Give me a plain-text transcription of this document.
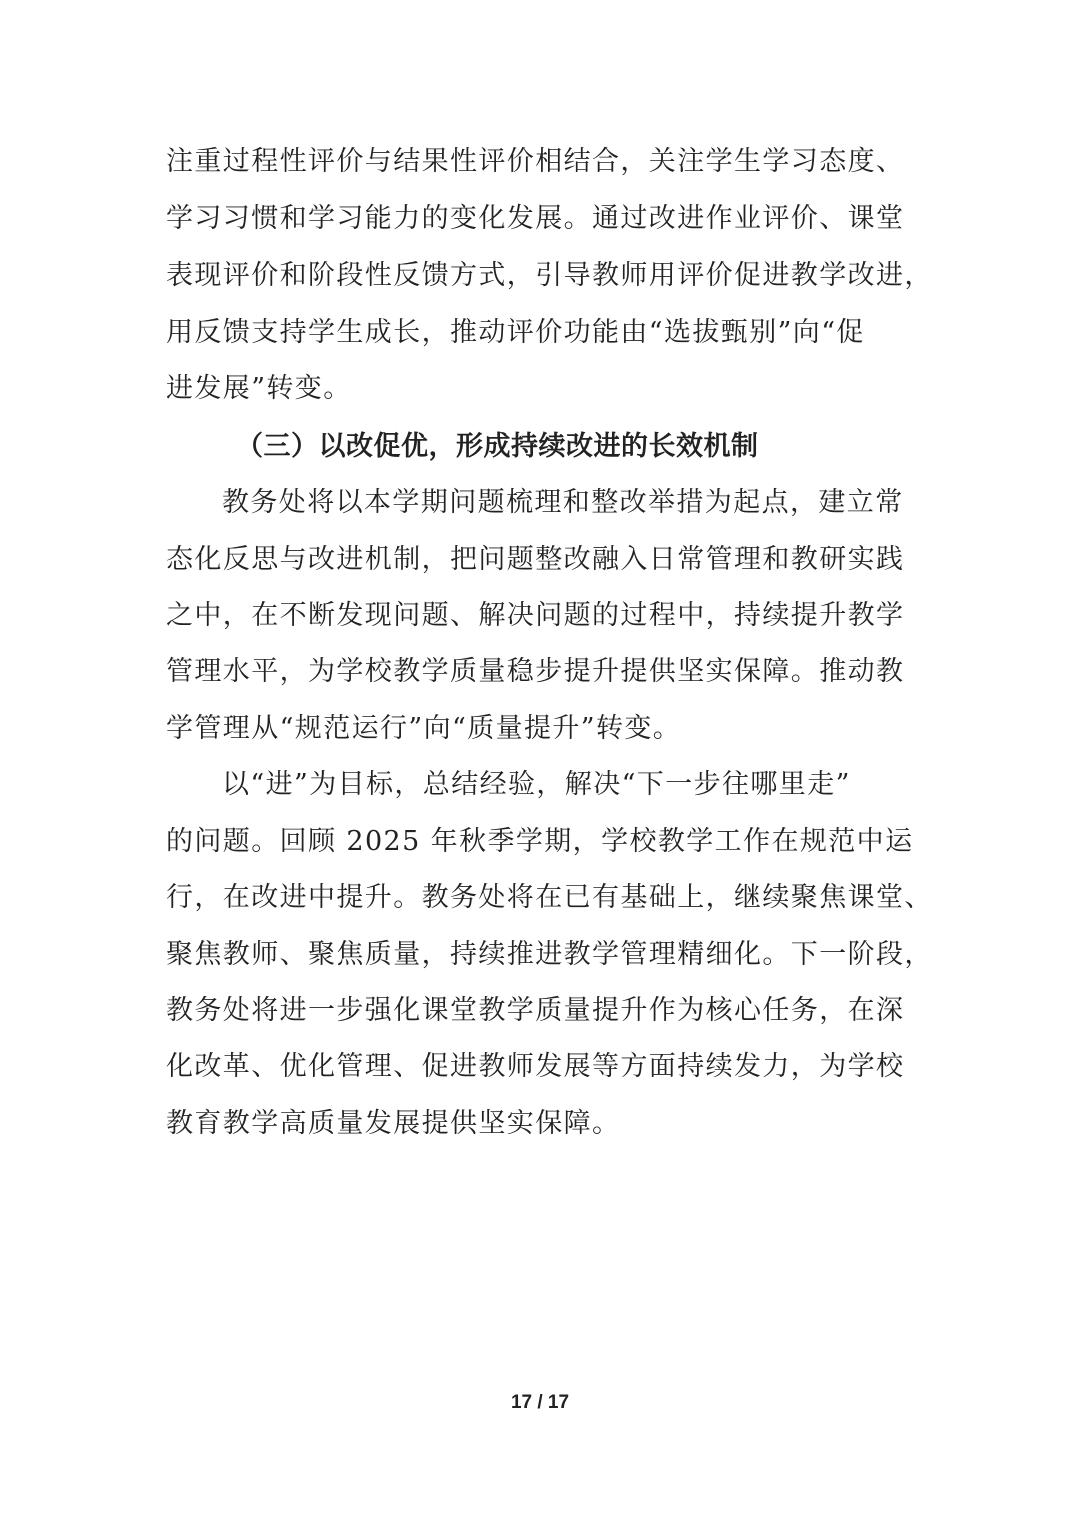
注重过程性评价与结果性评价相结合，关注学生学习态度、
学习习惯和学习能力的变化发展。通过改进作业评价、课堂
表现评价和阶段性反馈方式，引导教师用评价促进教学改进，
用反馈支持学生成长，推动评价功能由“选拔甄别”向“促
进发展”转变。
（三）以改促优，形成持续改进的长效机制
教务处将以本学期问题梳理和整改举措为起点，建立常
态化反思与改进机制，把问题整改融入日常管理和教研实践
之中，在不断发现问题、解决问题的过程中，持续提升教学
管理水平，为学校教学质量稳步提升提供坚实保障。推动教
学管理从“规范运行”向“质量提升”转变。
以“进”为目标，总结经验，解决“下一步往哪里走”
的问题。回顾 2025 年秋季学期，学校教学工作在规范中运
行，在改进中提升。教务处将在已有基础上，继续聚焦课堂、
聚焦教师、聚焦质量，持续推进教学管理精细化。下一阶段，
教务处将进一步强化课堂教学质量提升作为核心任务，在深
化改革、优化管理、促进教师发展等方面持续发力，为学校
教育教学高质量发展提供坚实保障。
17 / 17
